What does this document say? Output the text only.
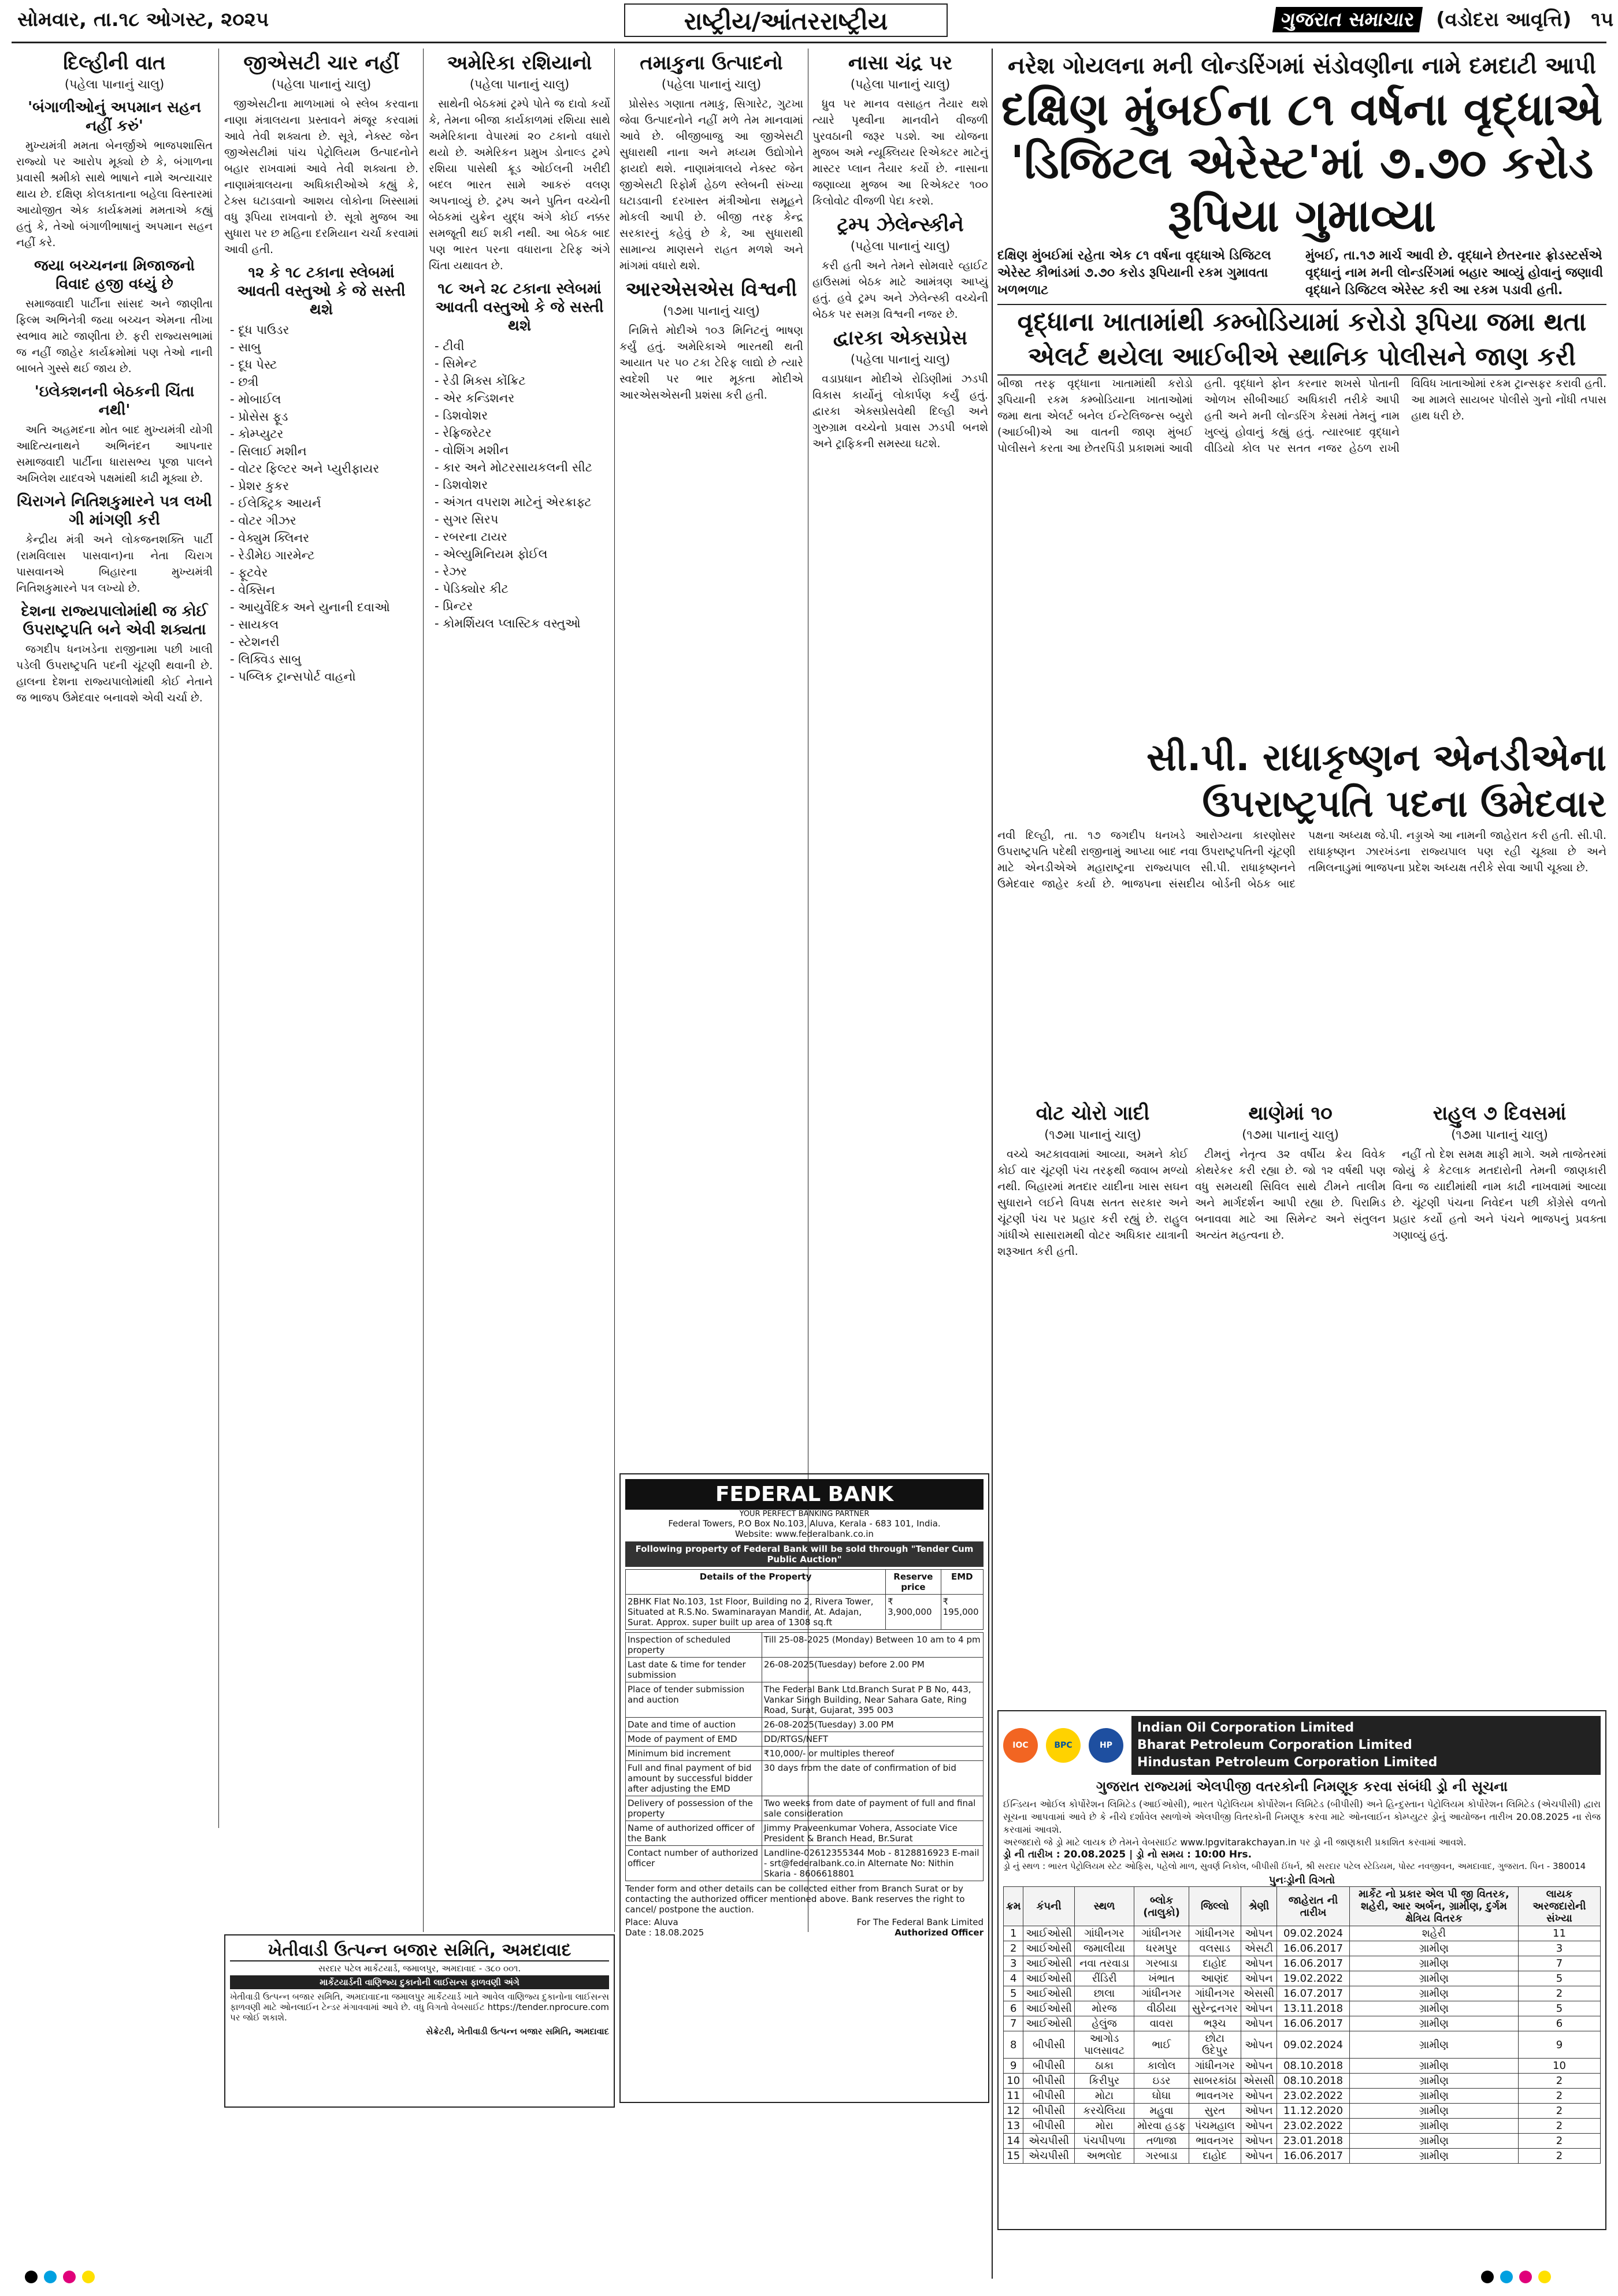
સોમવાર, તા.૧૮ ઓગસ્ટ, ૨૦૨૫	રાષ્ટ્રીય/આંતરરાષ્ટ્રીય	ગુજરાત સમાચાર (વડોદરા આવૃત્તિ) ૧૫
દિલ્હીની વાત
(પહેલા પાનાનું ચાલુ)
'બંગાળીઓનું અપમાન સહન નહીં કરું'

મુખ્યમંત્રી મમતા બેનર્જીએ ભાજપશાસિત રાજ્યો પર આરોપ મૂક્યો છે કે, બંગાળના પ્રવાસી શ્રમીકો સાથે ભાષાને નામે અત્યાચાર થાય છે. દક્ષિણ કોલકાતાના બહેલા વિસ્તારમાં આયોજીત એક કાર્યક્રમમાં મમતાએ કહ્યું હતું કે, તેઓ બંગાળીભાષાનું અપમાન સહન નહીં કરે.

જયા બચ્ચનના મિજાજનો વિવાદ હજી વધ્યું છે

સમાજવાદી પાર્ટીના સાંસદ અને જાણીતા ફિલ્મ અભિનેત્રી જયા બચ્ચન એમના તીખા સ્વભાવ માટે જાણીતા છે. ફરી રાજ્યસભામાં જ નહીં જાહેર કાર્યક્રમોમાં પણ તેઓ નાની બાબતે ગુસ્સે થઈ જાય છે.

'ઇલેક્શનની બેઠકની ચિંતા નથી'

અતિ અહમદના મોત બાદ મુખ્યમંત્રી યોગી આદિત્યનાથને અભિનંદન આપનાર સમાજવાદી પાર્ટીના ધારાસભ્ય પૂજા પાલને અખિલેશ યાદવએ પક્ષમાંથી કાઢી મૂક્યા છે.

ચિરાગને નિતિશકુમારને પત્ર લખી ગી માંગણી કરી

કેન્દ્રીય મંત્રી અને લોકજનશક્તિ પાર્ટી (રામવિલાસ પાસવાન)ના નેતા ચિરાગ પાસવાનએ બિહારના મુખ્યમંત્રી નિતિશકુમારને પત્ર લખ્યો છે.

દેશના રાજ્યપાલોમાંથી જ કોઈ ઉપરાષ્ટ્રપતિ બને એવી શક્યતા

જગદીપ ધનખડેના રાજીનામા પછી ખાલી પડેલી ઉપરાષ્ટ્રપતિ પદની ચૂંટણી થવાની છે. હાલના દેશના રાજ્યપાલોમાંથી કોઈ નેતાને જ ભાજપ ઉમેદવાર બનાવશે એવી ચર્ચા છે.

જીએસટી ચાર નહીં
(પહેલા પાનાનું ચાલુ)

જીએસટીના માળખામાં બે સ્લેબ કરવાના નાણા મંત્રાલયના પ્રસ્તાવને મંજૂર કરવામાં આવે તેવી શક્યતા છે. સૂત્રે, નેક્સ્ટ જેન જીએસટીમાં પાંચ પેટ્રોલિયમ ઉત્પાદનોને બહાર રાખવામાં આવે તેવી શક્યતા છે. નાણામંત્રાલયના અધિકારીઓએ કહ્યું કે, ટેક્સ ઘટાડવાનો આશય લોકોના ખિસ્સામાં વધુ રૂપિયા રાખવાનો છે. સૂત્રો મુજબ આ સુધારા પર છ મહિના દરમિયાન ચર્ચા કરવામાં આવી હતી.

૧૨ કે ૧૮ ટકાના સ્લેબમાં આવતી વસ્તુઓ કે જે સસ્તી થશે
- દૂધ પાઉડર
- સાબુ
- દૂધ પેસ્ટ
- છત્રી
- મોબાઈલ
- પ્રોસેસ ફૂડ
- કોમ્પ્યુટર
- સિલાઈ મશીન
- વોટર ફિલ્ટર અને પ્યુરીફાયર
- પ્રેશર કુકર
- ઈલેક્ટ્રિક આયર્ન
- વોટર ગીઝર
- વેક્યુમ ક્લિનર
- રેડીમેઇ ગારમેન્ટ
- ફૂટવેર
- વેક્સિન
- આયુર્વેદિક અને યુનાની દવાઓ
- સાયકલ
- સ્ટેશનરી
- લિક્વિડ સાબુ
- પબ્લિક ટ્રાન્સપોર્ટ વાહનો
અમેરિકા રશિયાનો
(પહેલા પાનાનું ચાલુ)

સાથેની બેઠકમાં ટ્રમ્પે પોતે જ દાવો કર્યો કે, તેમના બીજા કાર્યકાળમાં રશિયા સાથે અમેરિકાના વેપારમાં ૨૦ ટકાનો વધારો થયો છે. અમેરિકન પ્રમુખ ડોનાલ્ડ ટ્રમ્પે રશિયા પાસેથી ક્રૂડ ઓઈલની ખરીદી બદલ ભારત સામે આકરું વલણ અપનાવ્યું છે. ટ્રમ્પ અને પુતિન વચ્ચેની બેઠકમાં યુક્રેન યુદ્ધ અંગે કોઈ નક્કર સમજૂતી થઈ શકી નથી. આ બેઠક બાદ પણ ભારત પરના વધારાના ટેરિફ અંગે ચિંતા યથાવત છે.

૧૮ અને ૨૮ ટકાના સ્લેબમાં આવતી વસ્તુઓ કે જે સસ્તી થશે
- ટીવી
- સિમેન્ટ
- રેડી મિક્સ કોંક્રિટ
- એર કન્ડિશનર
- ડિશવોશર
- રેફ્રિજરેટર
- વોશિંગ મશીન
- કાર અને મોટરસાયકલની સીટ
- ડિશવોશર
- અંગત વપરાશ માટેનું એરક્રાફ્ટ
- સુગર સિરપ
- રબરના ટાયર
- એલ્યુમિનિયમ ફોઈલ
- રેઝર
- પેડિક્યોર કીટ
- પ્રિન્ટર
- કોમર્શિયલ પ્લાસ્ટિક વસ્તુઓ
તમાકુના ઉત્પાદનો
(પહેલા પાનાનું ચાલુ)

પ્રોસેસ્ડ ગણાતા તમાકુ, સિગારેટ, ગુટખા જેવા ઉત્પાદનોને નહીં મળે તેમ માનવામાં આવે છે. બીજીબાજુ આ જીએસટી સુધારાથી નાના અને મધ્યમ ઉદ્યોગોને ફાયદો થશે. નાણામંત્રાલયે નેક્સ્ટ જેન જીએસટી રિફોર્મ હેઠળ સ્લેબની સંખ્યા ઘટાડવાની દરખાસ્ત મંત્રીઓના સમૂહને મોકલી આપી છે. બીજી તરફ કેન્દ્ર સરકારનું કહેવું છે કે, આ સુધારાથી સામાન્ય માણસને રાહત મળશે અને માંગમાં વધારો થશે.

આરએસએસ વિશ્વની
(૧૭મા પાનાનું ચાલુ)

નિમિત્તે મોદીએ ૧૦૩ મિનિટનું ભાષણ કર્યું હતું. અમેરિકાએ ભારતથી થતી આયાત પર ૫૦ ટકા ટેરિફ લાદ્યો છે ત્યારે સ્વદેશી પર ભાર મૂકતા મોદીએ આરએસએસની પ્રશંસા કરી હતી.

નાસા ચંદ્ર પર
(પહેલા પાનાનું ચાલુ)

ધ્રુવ પર માનવ વસાહત તૈયાર થશે ત્યારે પૃથ્વીના માનવીને વીજળી પુરવઠાની જરૂર પડશે. આ યોજના મુજબ અમે ન્યૂક્લિયર રિએક્ટર માટેનું માસ્ટર પ્લાન તૈયાર કર્યો છે. નાસાના જણાવ્યા મુજબ આ રિએક્ટર ૧૦૦ કિલોવોટ વીજળી પેદા કરશે.

ટ્રમ્પ ઝેલેન્સ્કીને
(પહેલા પાનાનું ચાલુ)

કરી હતી અને તેમને સોમવારે વ્હાઈટ હાઉસમાં બેઠક માટે આમંત્રણ આપ્યું હતું. હવે ટ્રમ્પ અને ઝેલેન્સ્કી વચ્ચેની બેઠક પર સમગ્ર વિશ્વની નજર છે.

દ્વારકા એક્સપ્રેસ
(પહેલા પાનાનું ચાલુ)

વડાપ્રધાન મોદીએ રોડિણીમાં ઝડપી વિકાસ કાર્યોનું લોકાર્પણ કર્યું હતું. દ્વારકા એક્સપ્રેસવેથી દિલ્હી અને ગુરુગ્રામ વચ્ચેનો પ્રવાસ ઝડપી બનશે અને ટ્રાફિકની સમસ્યા ઘટશે.

FEDERAL BANK
YOUR PERFECT BANKING PARTNER
Federal Towers, P.O Box No.103, Aluva, Kerala - 683 101, India.
Website: www.federalbank.co.in
Following property of Federal Bank will be sold through "Tender Cum Public Auction"
Details of the Property	Reserve price	EMD
2BHK Flat No.103, 1st Floor, Building no 2, Rivera Tower, Situated at R.S.No. Swaminarayan Mandir, At. Adajan, Surat. Approx. super built up area of 1308 sq.ft	₹ 3,900,000	₹ 195,000
Inspection of scheduled property	Till 25-08-2025 (Monday) Between 10 am to 4 pm
Last date & time for tender submission	26-08-2025(Tuesday) before 2.00 PM
Place of tender submission and auction	The Federal Bank Ltd.Branch Surat P B No, 443, Vankar Singh Building, Near Sahara Gate, Ring Road, Surat, Gujarat, 395 003
Date and time of auction	26-08-2025(Tuesday) 3.00 PM
Mode of payment of EMD	DD/RTGS/NEFT
Minimum bid increment	₹10,000/- or multiples thereof
Full and final payment of bid amount by successful bidder after adjusting the EMD	30 days from the date of confirmation of bid
Delivery of possession of the property	Two weeks from date of payment of full and final sale consideration
Name of authorized officer of the Bank	Jimmy Praveenkumar Vohera, Associate Vice President & Branch Head, Br.Surat
Contact number of authorized officer	Landline-02612355344 Mob - 8128816923 E-mail - srt@federalbank.co.in Alternate No: Nithin Skaria - 8606618801
Tender form and other details can be collected either from Branch Surat or by contacting the authorized officer mentioned above. Bank reserves the right to cancel/ postpone the auction.
Place: Aluva
Date : 18.08.2025
For The Federal Bank Limited
Authorized Officer
ખેતીવાડી ઉત્પન્ન બજાર સમિતિ, અમદાવાદ
સરદાર પટેલ માર્કેટયાર્ડ, જમાલપુર, અમદાવાદ - ૩૮૦ ૦૦૧.
માર્કેટયાર્ડની વાણિજ્ય દુકાનોની લાઈસન્સ ફાળવણી અંગે
ખેતીવાડી ઉત્પન્ન બજાર સમિતિ, અમદાવાદના જમાલપુર માર્કેટયાર્ડ ખાતે આવેલ વાણિજ્ય દુકાનોના લાઈસન્સ ફાળવણી માટે ઓનલાઈન ટેન્ડર મંગાવવામાં આવે છે. વધુ વિગતો વેબસાઈટ https://tender.nprocure.com પર જોઈ શકાશે.
સેક્રેટરી, ખેતીવાડી ઉત્પન્ન બજાર સમિતિ, અમદાવાદ
નરેશ ગોયલના મની લોન્ડરિંગમાં સંડોવણીના નામે દમદાટી આપી
દક્ષિણ મુંબઈના ૮૧ વર્ષના વૃદ્ધાએ 'ડિજિટલ એરેસ્ટ'માં ૭.૭૦ કરોડ રૂપિયા ગુમાવ્યા
દક્ષિણ મુંબઈમાં રહેતા એક ૮૧ વર્ષના વૃદ્ધાએ ડિજિટલ એરેસ્ટ કૌભાંડમાં ૭.૭૦ કરોડ રૂપિયાની રકમ ગુમાવતા ખળભળાટ
મુંબઈ, તા.૧૭ માર્ચ આવી છે. વૃદ્ધાને છેતરનાર ફ્રોડસ્ટર્સએ વૃદ્ધાનું નામ મની લોન્ડરિંગમાં બહાર આવ્યું હોવાનું જણાવી વૃદ્ધાને ડિજિટલ એરેસ્ટ કરી આ રકમ પડાવી હતી.
વૃદ્ધાના ખાતામાંથી કમ્બોડિયામાં કરોડો રૂપિયા જમા થતા એલર્ટ થયેલા આઈબીએ સ્થાનિક પોલીસને જાણ કરી
બીજા તરફ વૃદ્ધાના ખાતામાંથી કરોડો રૂપિયાની રકમ કમ્બોડિયાના ખાતાઓમાં જમા થતા એલર્ટ બનેલ ઈન્ટેલિજન્સ બ્યુરો (આઈબી)એ આ વાતની જાણ મુંબઈ પોલીસને કરતા આ છેતરપિંડી પ્રકાશમાં આવી હતી. વૃદ્ધાને ફોન કરનાર શખસે પોતાની ઓળખ સીબીઆઈ અધિકારી તરીકે આપી હતી અને મની લોન્ડરિંગ કેસમાં તેમનું નામ ખુલ્યું હોવાનું કહ્યું હતું. ત્યારબાદ વૃદ્ધાને વીડિયો કોલ પર સતત નજર હેઠળ રાખી વિવિધ ખાતાઓમાં રકમ ટ્રાન્સફર કરાવી હતી. આ મામલે સાયબર પોલીસે ગુનો નોંધી તપાસ હાથ ધરી છે.
સી.પી. રાધાકૃષ્ણન એનડીએના ઉપરાષ્ટ્રપતિ પદના ઉમેદવાર
નવી દિલ્હી, તા. ૧૭ જગદીપ ધનખડે આરોગ્યના કારણોસર ઉપરાષ્ટ્રપતિ પદેથી રાજીનામું આપ્યા બાદ નવા ઉપરાષ્ટ્રપતિની ચૂંટણી માટે એનડીએએ મહારાષ્ટ્રના રાજ્યપાલ સી.પી. રાધાકૃષ્ણનને ઉમેદવાર જાહેર કર્યા છે. ભાજપના સંસદીય બોર્ડની બેઠક બાદ પક્ષના અધ્યક્ષ જે.પી. નડ્ડાએ આ નામની જાહેરાત કરી હતી. સી.પી. રાધાકૃષ્ણન ઝારખંડના રાજ્યપાલ પણ રહી ચૂક્યા છે અને તમિલનાડુમાં ભાજપના પ્રદેશ અધ્યક્ષ તરીકે સેવા આપી ચૂક્યા છે.
વોટ ચોરો ગાદી
(૧૭મા પાનાનું ચાલુ)

વચ્ચે અટકાવવામાં આવ્યા, અમને કોઈ કોઈ વાર ચૂંટણી પંચ તરફથી જવાબ મળ્યો નથી. બિહારમાં મતદાર યાદીના ખાસ સઘન સુધારાને લઈને વિપક્ષ સતત સરકાર અને ચૂંટણી પંચ પર પ્રહાર કરી રહ્યું છે. રાહુલ ગાંધીએ સાસારામથી વોટર અધિકાર યાત્રાની શરૂઆત કરી હતી.

થાણેમાં ૧૦
(૧૭મા પાનાનું ચાલુ)

ટીમનું નેતૃત્વ ૩૨ વર્ષીય ક્રેય વિવેક કોથરેકર કરી રહ્યા છે. જો ૧૨ વર્ષથી પણ વધુ સમયથી સિવિલ સાથે ટીમને તાલીમ અને માર્ગદર્શન આપી રહ્યા છે. પિરામિડ બનાવવા માટે આ સિમેન્ટ અને સંતુલન અત્યંત મહત્વના છે.

રાહુલ ૭ દિવસમાં
(૧૭મા પાનાનું ચાલુ)

નહીં તો દેશ સમક્ષ માફી માગે. અમે તાજેતરમાં જોયું કે કેટલાક મતદારોની તેમની જાણકારી વિના જ યાદીમાંથી નામ કાઢી નાખવામાં આવ્યા છે. ચૂંટણી પંચના નિવેદન પછી કોંગ્રેસે વળતો પ્રહાર કર્યો હતો અને પંચને ભાજપનું પ્રવક્તા ગણાવ્યું હતું.

IOC	BPC	HP
Indian Oil Corporation Limited
Bharat Petroleum Corporation Limited
Hindustan Petroleum Corporation Limited
ગુજરાત રાજ્યમાં એલપીજી વતરકોની નિમણૂક કરવા સંબંધી ડ્રો ની સૂચના
ઈન્ડિયન ઓઈલ કોર્પોરેશન લિમિટેડ (આઈઓસી), ભારત પેટ્રોલિયમ કોર્પોરેશન લિમિટેડ (બીપીસી) અને હિન્દુસ્તાન પેટ્રોલિયમ કોર્પોરેશન લિમિટેડ (એચપીસી) દ્વારા સૂચના આપવામાં આવે છે કે નીચે દર્શાવેલ સ્થળોએ એલપીજી વિતરકોની નિમણૂક કરવા માટે ઓનલાઈન કોમ્પ્યુટર ડ્રોનું આયોજન તારીખ 20.08.2025 ના રોજ કરવામાં આવશે.
અરજદારો જે ડ્રો માટે લાયક છે તેમને વેબસાઈટ www.lpgvitarakchayan.in પર ડ્રો ની જાણકારી પ્રકાશિત કરવામાં આવશે.
ડ્રો ની તારીખ : 20.08.2025 | ડ્રો નો સમય : 10:00 Hrs.
ડ્રો નું સ્થળ : ભારત પેટ્રોલિયમ સ્ટેટ ઓફિસ, પહેલો માળ, સુવર્ણ નિકોલ, બીપીસી ઈંધર્ન, શ્રી સરદાર પટેલ સ્ટેડિયમ, પોસ્ટ નવજીવન, અમદાવાદ, ગુજરાત. પિન - 380014
પુનઃડ્રોની વિગતો
ક્રમ	કંપની	સ્થળ	બ્લોક (તાલુકો)	જિલ્લો	શ્રેણી	જાહેરાત ની તારીખ	માર્કેટ નો પ્રકાર એલ પી જી વિતરક, શહેરી, આર અર્બન, ગ્રામીણ, દુર્ગમ ક્ષેત્રિય વિતરક	લાયક અરજદારોની સંખ્યા
1	આઈઓસી	ગાંધીનગર	ગાંધીનગર	ગાંધીનગર	ઓપન	09.02.2024	શહેરી	11
2	આઈઓસી	જમાલીયા	ધરમપુર	વલસાડ	એસટી	16.06.2017	ગ્રામીણ	3
3	આઈઓસી	નવા તરવાડા	ગરબાડા	દાહોદ	ઓપન	16.06.2017	ગ્રામીણ	7
4	આઈઓસી	રીંડિરી	ખંભાત	આણંદ	ઓપન	19.02.2022	ગ્રામીણ	5
5	આઈઓસી	છાલા	ગાંધીનગર	ગાંધીનગર	એસસી	16.07.2017	ગ્રામીણ	2
6	આઈઓસી	મોરજ	વીઠીયા	સુરેન્દ્રનગર	ઓપન	13.11.2018	ગ્રામીણ	5
7	આઈઓસી	હેલુંજ	વાવરા	ભરૂચ	ઓપન	16.06.2017	ગ્રામીણ	6
8	બીપીસી	આગોડ પાલસાવટ	ભાઈ	છોટા ઉદેપુર	ઓપન	09.02.2024	ગ્રામીણ	9
9	બીપીસી	ઠાકા	કાલોલ	ગાંધીનગર	ઓપન	08.10.2018	ગ્રામીણ	10
10	બીપીસી	કિરીપુર	ઇડર	સાબરકાંઠા	એસસી	08.10.2018	ગ્રામીણ	2
11	બીપીસી	મોટા	ઘોઘા	ભાવનગર	ઓપન	23.02.2022	ગ્રામીણ	2
12	બીપીસી	કરચેલિયા	મહુવા	સુરત	ઓપન	11.12.2020	ગ્રામીણ	2
13	બીપીસી	મોરા	મોરવા હડફ	પંચમહાલ	ઓપન	23.02.2022	ગ્રામીણ	2
14	એચપીસી	પંચપીપળા	તળાજા	ભાવનગર	ઓપન	23.01.2018	ગ્રામીણ	2
15	એચપીસી	અભલોદ	ગરબાડા	દાહોદ	ઓપન	16.06.2017	ગ્રામીણ	2
